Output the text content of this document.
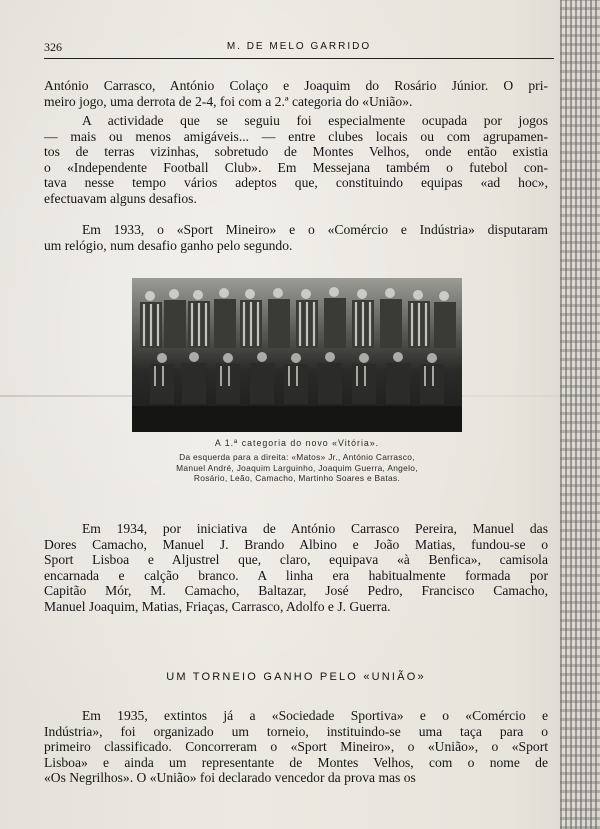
326	M. DE MELO GARRIDO
António Carrasco, António Colaço e Joaquim do Rosário Júnior. O pri-
meiro jogo, uma derrota de 2-4, foi com a 2.ª categoria do «União».
A actividade que se seguiu foi especialmente ocupada por jogos
— mais ou menos amigáveis... — entre clubes locais ou com agrupamen-
tos de terras vizinhas, sobretudo de Montes Velhos, onde então existia
o «Independente Football Club». Em Messejana também o futebol con-
tava nesse tempo vários adeptos que, constituindo equipas «ad hoc»,
efectuavam alguns desafios.
Em 1933, o «Sport Mineiro» e o «Comércio e Indústria» disputaram
um relógio, num desafio ganho pelo segundo.
A 1.ª categoria do novo «Vitória».
Da esquerda para a direita: «Matos» Jr., António Carrasco,
Manuel André, Joaquim Larguinho, Joaquim Guerra, Angelo,
Rosário, Leão, Camacho, Martinho Soares e Batas.
Em 1934, por iniciativa de António Carrasco Pereira, Manuel das
Dores Camacho, Manuel J. Brando Albino e João Matias, fundou-se o
Sport Lisboa e Aljustrel que, claro, equipava «à Benfica», camisola
encarnada e calção branco. A linha era habitualmente formada por
Capitão Mór, M. Camacho, Baltazar, José Pedro, Francisco Camacho,
Manuel Joaquim, Matias, Friaças, Carrasco, Adolfo e J. Guerra.
UM TORNEIO GANHO PELO «UNIÃO»
Em 1935, extintos já a «Sociedade Sportiva» e o «Comércio e
Indústria», foi organizado um torneio, instituindo-se uma taça para o
primeiro classificado. Concorreram o «Sport Mineiro», o «União», o «Sport
Lisboa» e ainda um representante de Montes Velhos, com o nome de
«Os Negrilhos». O «União» foi declarado vencedor da prova mas os
